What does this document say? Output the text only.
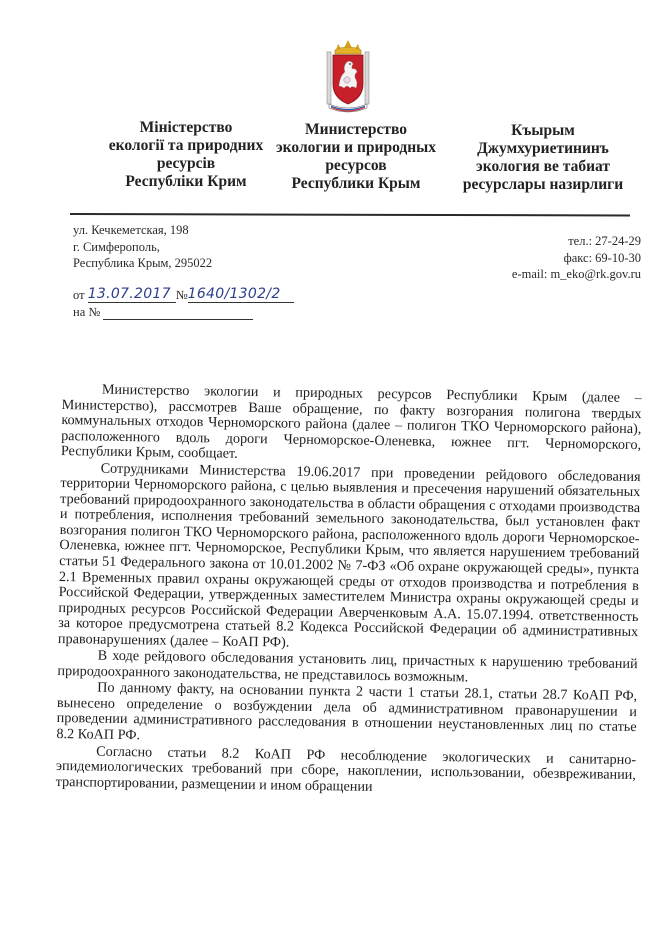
Міністерство
екології та природних
ресурсів
Республіки Крим
Министерство
экологии и природных
ресурсов
Республики Крым
Къырым
Джумхуриетининъ
экология ве табиат
ресурслары назирлиги
ул. Кечкеметская, 198
г. Симферополь,
Республика Крым, 295022
тел.: 27-24-29
факс: 69-10-30
e-mail: m_eko@rk.gov.ru
от
13.07.2017 № 1640/1302/2
на №

Министерство экологии и природных ресурсов Республики Крым (далее – Министерство), рассмотрев Ваше обращение, по факту возгорания полигона твердых коммунальных отходов Черноморского района (далее – полигон ТКО Черноморского района), расположенного вдоль дороги Черноморское-Оленевка, южнее пгт. Черноморского, Республики Крым, сообщает.

Сотрудниками Министерства 19.06.2017 при проведении рейдового обследования территории Черноморского района, с целью выявления и пресечения нарушений обязательных требований природоохранного законодательства в области обращения с отходами производства и потребления, исполнения требований земельного законодательства, был установлен факт возгорания полигон ТКО Черноморского района, расположенного вдоль дороги Черноморское-Оленевка, южнее пгт. Черноморское, Республики Крым, что является нарушением требований статьи 51 Федерального закона от 10.01.2002 № 7-ФЗ «Об охране окружающей среды», пункта 2.1 Временных правил охраны окружающей среды от отходов производства и потребления в Российской Федерации, утвержденных заместителем Министра охраны окружающей среды и природных ресурсов Российской Федерации Аверченковым А.А. 15.07.1994. ответственность за которое предусмотрена статьей 8.2 Кодекса Российской Федерации об административных правонарушениях (далее – КоАП РФ).

В ходе рейдового обследования установить лиц, причастных к нарушению требований природоохранного законодательства, не представилось возможным.

По данному факту, на основании пункта 2 части 1 статьи 28.1, статьи 28.7 КоАП РФ, вынесено определение о возбуждении дела об административном правонарушении и проведении административного расследования в отношении неустановленных лиц по статье 8.2 КоАП РФ.

Согласно статьи 8.2 КоАП РФ несоблюдение экологических и санитарно-эпидемиологических требований при сборе, накоплении, использовании, обезвреживании, транспортировании, размещении и ином обращении
